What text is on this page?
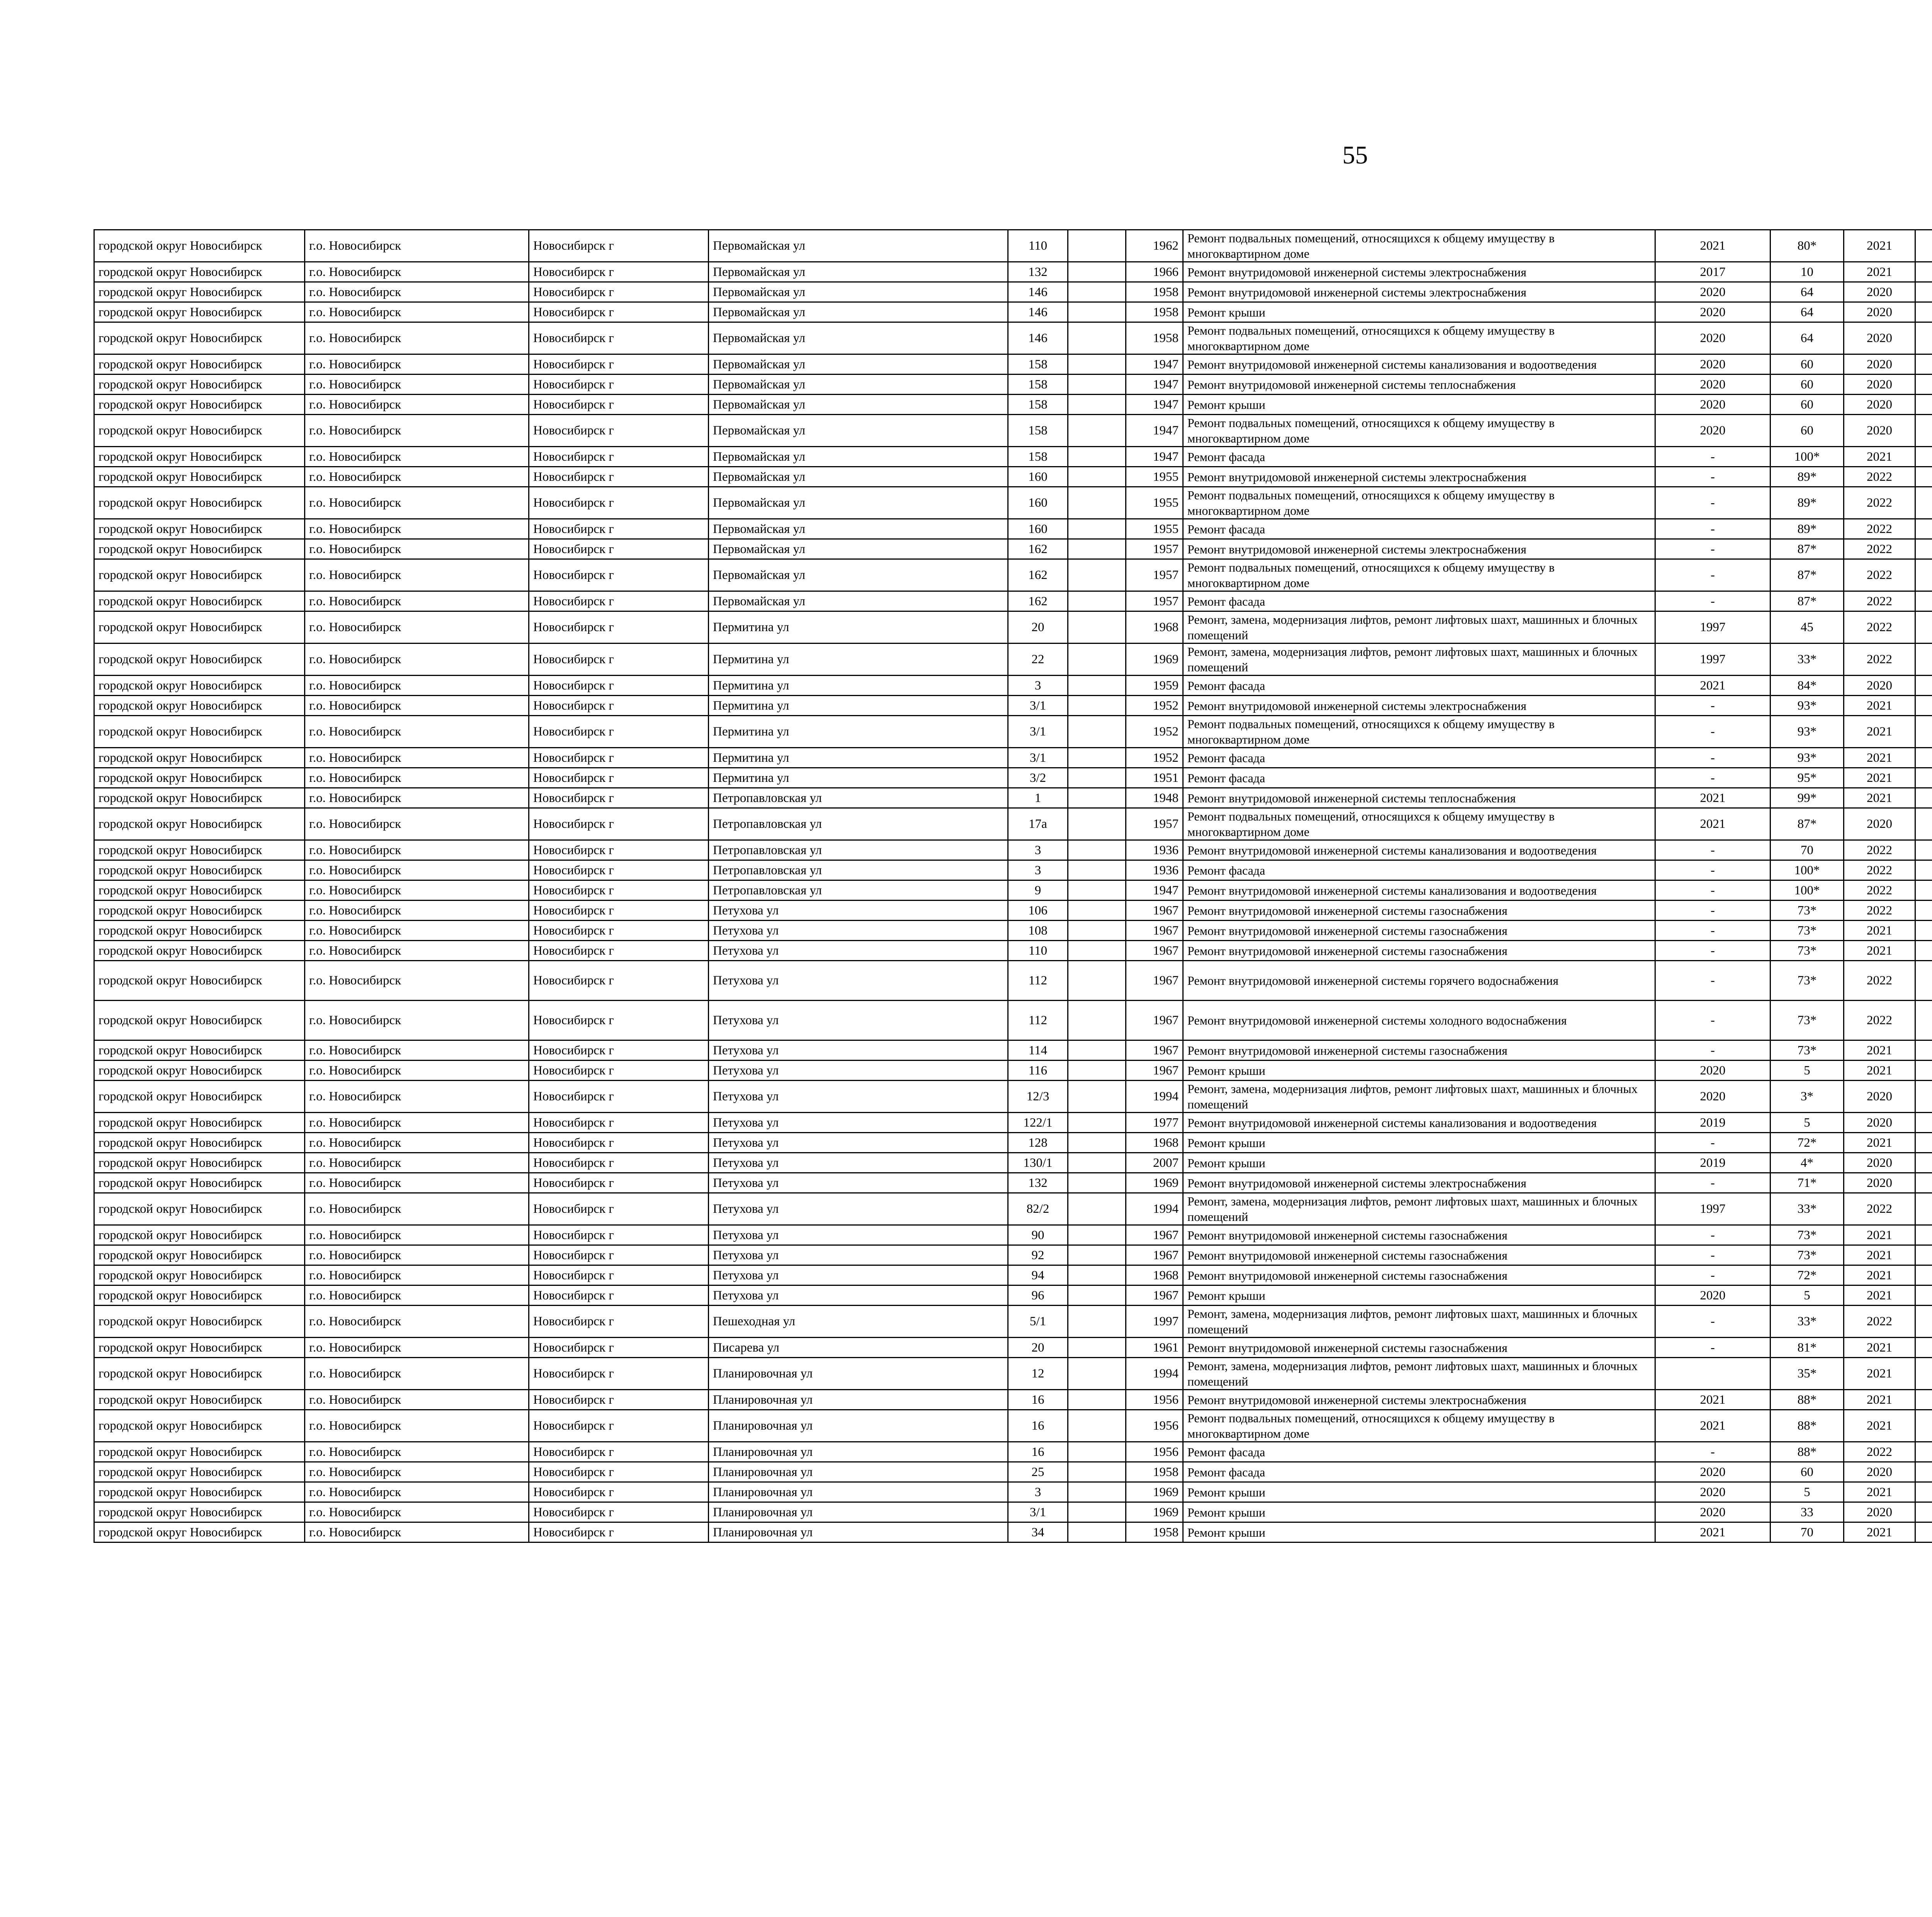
55
городской округ Новосибирск	г.о. Новосибирск	Новосибирск г	Первомайская ул	110		1962	Ремонт подвальных помещений, относящихся к общему имуществу в многоквартирном доме	2021	80*	2021						
городской округ Новосибирск	г.о. Новосибирск	Новосибирск г	Первомайская ул	132		1966	Ремонт внутридомовой инженерной системы электроснабжения	2017	10	2021						
городской округ Новосибирск	г.о. Новосибирск	Новосибирск г	Первомайская ул	146		1958	Ремонт внутридомовой инженерной системы электроснабжения	2020	64	2020						
городской округ Новосибирск	г.о. Новосибирск	Новосибирск г	Первомайская ул	146		1958	Ремонт крыши	2020	64	2020						
городской округ Новосибирск	г.о. Новосибирск	Новосибирск г	Первомайская ул	146		1958	Ремонт подвальных помещений, относящихся к общему имуществу в многоквартирном доме	2020	64	2020						
городской округ Новосибирск	г.о. Новосибирск	Новосибирск г	Первомайская ул	158		1947	Ремонт внутридомовой инженерной системы канализования и водоотведения	2020	60	2020						
городской округ Новосибирск	г.о. Новосибирск	Новосибирск г	Первомайская ул	158		1947	Ремонт внутридомовой инженерной системы теплоснабжения	2020	60	2020						
городской округ Новосибирск	г.о. Новосибирск	Новосибирск г	Первомайская ул	158		1947	Ремонт крыши	2020	60	2020						
городской округ Новосибирск	г.о. Новосибирск	Новосибирск г	Первомайская ул	158		1947	Ремонт подвальных помещений, относящихся к общему имуществу в многоквартирном доме	2020	60	2020						
городской округ Новосибирск	г.о. Новосибирск	Новосибирск г	Первомайская ул	158		1947	Ремонт фасада	-	100*	2021						
городской округ Новосибирск	г.о. Новосибирск	Новосибирск г	Первомайская ул	160		1955	Ремонт внутридомовой инженерной системы электроснабжения	-	89*	2022						
городской округ Новосибирск	г.о. Новосибирск	Новосибирск г	Первомайская ул	160		1955	Ремонт подвальных помещений, относящихся к общему имуществу в многоквартирном доме	-	89*	2022						
городской округ Новосибирск	г.о. Новосибирск	Новосибирск г	Первомайская ул	160		1955	Ремонт фасада	-	89*	2022						
городской округ Новосибирск	г.о. Новосибирск	Новосибирск г	Первомайская ул	162		1957	Ремонт внутридомовой инженерной системы электроснабжения	-	87*	2022						
городской округ Новосибирск	г.о. Новосибирск	Новосибирск г	Первомайская ул	162		1957	Ремонт подвальных помещений, относящихся к общему имуществу в многоквартирном доме	-	87*	2022						
городской округ Новосибирск	г.о. Новосибирск	Новосибирск г	Первомайская ул	162		1957	Ремонт фасада	-	87*	2022						
городской округ Новосибирск	г.о. Новосибирск	Новосибирск г	Пермитина ул	20		1968	Ремонт, замена, модернизация лифтов, ремонт лифтовых шахт, машинных и блочных помещений	1997	45	2022						
городской округ Новосибирск	г.о. Новосибирск	Новосибирск г	Пермитина ул	22		1969	Ремонт, замена, модернизация лифтов, ремонт лифтовых шахт, машинных и блочных помещений	1997	33*	2022						
городской округ Новосибирск	г.о. Новосибирск	Новосибирск г	Пермитина ул	3		1959	Ремонт фасада	2021	84*	2020						
городской округ Новосибирск	г.о. Новосибирск	Новосибирск г	Пермитина ул	3/1		1952	Ремонт внутридомовой инженерной системы электроснабжения	-	93*	2021						
городской округ Новосибирск	г.о. Новосибирск	Новосибирск г	Пермитина ул	3/1		1952	Ремонт подвальных помещений, относящихся к общему имуществу в многоквартирном доме	-	93*	2021						
городской округ Новосибирск	г.о. Новосибирск	Новосибирск г	Пермитина ул	3/1		1952	Ремонт фасада	-	93*	2021						
городской округ Новосибирск	г.о. Новосибирск	Новосибирск г	Пермитина ул	3/2		1951	Ремонт фасада	-	95*	2021						
городской округ Новосибирск	г.о. Новосибирск	Новосибирск г	Петропавловская ул	1		1948	Ремонт внутридомовой инженерной системы теплоснабжения	2021	99*	2021						
городской округ Новосибирск	г.о. Новосибирск	Новосибирск г	Петропавловская ул	17а		1957	Ремонт подвальных помещений, относящихся к общему имуществу в многоквартирном доме	2021	87*	2020						
городской округ Новосибирск	г.о. Новосибирск	Новосибирск г	Петропавловская ул	3		1936	Ремонт внутридомовой инженерной системы канализования и водоотведения	-	70	2022						
городской округ Новосибирск	г.о. Новосибирск	Новосибирск г	Петропавловская ул	3		1936	Ремонт фасада	-	100*	2022						
городской округ Новосибирск	г.о. Новосибирск	Новосибирск г	Петропавловская ул	9		1947	Ремонт внутридомовой инженерной системы канализования и водоотведения	-	100*	2022						
городской округ Новосибирск	г.о. Новосибирск	Новосибирск г	Петухова ул	106		1967	Ремонт внутридомовой инженерной системы газоснабжения	-	73*	2022						
городской округ Новосибирск	г.о. Новосибирск	Новосибирск г	Петухова ул	108		1967	Ремонт внутридомовой инженерной системы газоснабжения	-	73*	2021						
городской округ Новосибирск	г.о. Новосибирск	Новосибирск г	Петухова ул	110		1967	Ремонт внутридомовой инженерной системы газоснабжения	-	73*	2021						
городской округ Новосибирск	г.о. Новосибирск	Новосибирск г	Петухова ул	112		1967	Ремонт внутридомовой инженерной системы горячего водоснабжения	-	73*	2022						
городской округ Новосибирск	г.о. Новосибирск	Новосибирск г	Петухова ул	112		1967	Ремонт внутридомовой инженерной системы холодного водоснабжения	-	73*	2022						
городской округ Новосибирск	г.о. Новосибирск	Новосибирск г	Петухова ул	114		1967	Ремонт внутридомовой инженерной системы газоснабжения	-	73*	2021						
городской округ Новосибирск	г.о. Новосибирск	Новосибирск г	Петухова ул	116		1967	Ремонт крыши	2020	5	2021						
городской округ Новосибирск	г.о. Новосибирск	Новосибирск г	Петухова ул	12/3		1994	Ремонт, замена, модернизация лифтов, ремонт лифтовых шахт, машинных и блочных помещений	2020	3*	2020						
городской округ Новосибирск	г.о. Новосибирск	Новосибирск г	Петухова ул	122/1		1977	Ремонт внутридомовой инженерной системы канализования и водоотведения	2019	5	2020						
городской округ Новосибирск	г.о. Новосибирск	Новосибирск г	Петухова ул	128		1968	Ремонт крыши	-	72*	2021						
городской округ Новосибирск	г.о. Новосибирск	Новосибирск г	Петухова ул	130/1		2007	Ремонт крыши	2019	4*	2020						
городской округ Новосибирск	г.о. Новосибирск	Новосибирск г	Петухова ул	132		1969	Ремонт внутридомовой инженерной системы электроснабжения	-	71*	2020						
городской округ Новосибирск	г.о. Новосибирск	Новосибирск г	Петухова ул	82/2		1994	Ремонт, замена, модернизация лифтов, ремонт лифтовых шахт, машинных и блочных помещений	1997	33*	2022						
городской округ Новосибирск	г.о. Новосибирск	Новосибирск г	Петухова ул	90		1967	Ремонт внутридомовой инженерной системы газоснабжения	-	73*	2021						
городской округ Новосибирск	г.о. Новосибирск	Новосибирск г	Петухова ул	92		1967	Ремонт внутридомовой инженерной системы газоснабжения	-	73*	2021						
городской округ Новосибирск	г.о. Новосибирск	Новосибирск г	Петухова ул	94		1968	Ремонт внутридомовой инженерной системы газоснабжения	-	72*	2021						
городской округ Новосибирск	г.о. Новосибирск	Новосибирск г	Петухова ул	96		1967	Ремонт крыши	2020	5	2021						
городской округ Новосибирск	г.о. Новосибирск	Новосибирск г	Пешеходная ул	5/1		1997	Ремонт, замена, модернизация лифтов, ремонт лифтовых шахт, машинных и блочных помещений	-	33*	2022						
городской округ Новосибирск	г.о. Новосибирск	Новосибирск г	Писарева ул	20		1961	Ремонт внутридомовой инженерной системы газоснабжения	-	81*	2021						
городской округ Новосибирск	г.о. Новосибирск	Новосибирск г	Планировочная ул	12		1994	Ремонт, замена, модернизация лифтов, ремонт лифтовых шахт, машинных и блочных помещений		35*	2021						
городской округ Новосибирск	г.о. Новосибирск	Новосибирск г	Планировочная ул	16		1956	Ремонт внутридомовой инженерной системы электроснабжения	2021	88*	2021						
городской округ Новосибирск	г.о. Новосибирск	Новосибирск г	Планировочная ул	16		1956	Ремонт подвальных помещений, относящихся к общему имуществу в многоквартирном доме	2021	88*	2021						
городской округ Новосибирск	г.о. Новосибирск	Новосибирск г	Планировочная ул	16		1956	Ремонт фасада	-	88*	2022						
городской округ Новосибирск	г.о. Новосибирск	Новосибирск г	Планировочная ул	25		1958	Ремонт фасада	2020	60	2020						
городской округ Новосибирск	г.о. Новосибирск	Новосибирск г	Планировочная ул	3		1969	Ремонт крыши	2020	5	2021						
городской округ Новосибирск	г.о. Новосибирск	Новосибирск г	Планировочная ул	3/1		1969	Ремонт крыши	2020	33	2020						
городской округ Новосибирск	г.о. Новосибирск	Новосибирск г	Планировочная ул	34		1958	Ремонт крыши	2021	70	2021						
